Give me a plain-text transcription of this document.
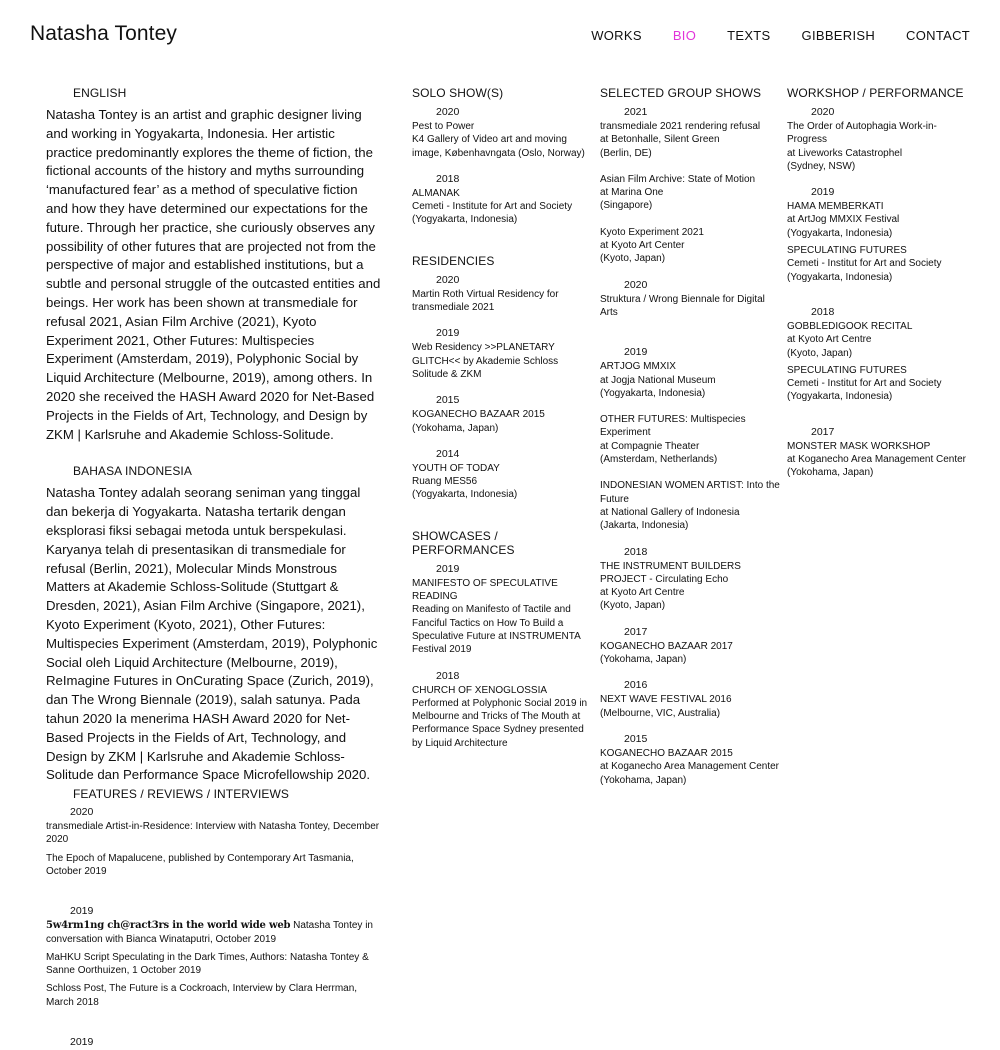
Natasha Tontey	WORKS BIO TEXTS GIBBERISH CONTACT
ENGLISH
Natasha Tontey is an artist and graphic designer living and working in Yogyakarta, Indonesia. Her artistic practice predominantly explores the theme of fiction, the fictional accounts of the history and myths surrounding ‘manufactured fear’ as a method of speculative fiction and how they have determined our expectations for the future. Through her practice, she curiously observes any possibility of other futures that are projected not from the perspective of major and established institutions, but a subtle and personal struggle of the outcasted entities and beings. Her work has been shown at transmediale for refusal 2021, Asian Film Archive (2021), Kyoto Experiment 2021, Other Futures: Multispecies Experiment (Amsterdam, 2019), Polyphonic Social by Liquid Architecture (Melbourne, 2019), among others. In 2020 she received the HASH Award 2020 for Net-Based Projects in the Fields of Art, Technology, and Design by ZKM | Karlsruhe and Akademie Schloss-Solitude.
BAHASA INDONESIA
Natasha Tontey adalah seorang seniman yang tinggal dan bekerja di Yogyakarta. Natasha tertarik dengan eksplorasi fiksi sebagai metoda untuk berspekulasi. Karyanya telah di presentasikan di transmediale for refusal (Berlin, 2021), Molecular Minds Monstrous Matters at Akademie Schloss-Solitude (Stuttgart & Dresden, 2021), Asian Film Archive (Singapore, 2021), Kyoto Experiment (Kyoto, 2021), Other Futures: Multispecies Experiment (Amsterdam, 2019), Polyphonic Social oleh Liquid Architecture (Melbourne, 2019), ReImagine Futures in OnCurating Space (Zurich, 2019), dan The Wrong Biennale (2019), salah satunya. Pada tahun 2020 Ia menerima HASH Award 2020 for Net-Based Projects in the Fields of Art, Technology, and Design by ZKM | Karlsruhe and Akademie Schloss-Solitude dan Performance Space Microfellowship 2020.
FEATURES / REVIEWS / INTERVIEWS
2020
transmediale Artist-in-Residence: Interview with Natasha Tontey, December 2020
The Epoch of Mapalucene, published by Contemporary Art Tasmania, October 2019
2019
5w4rm1ng ch@ract3rs in the world wide web Natasha Tontey in conversation with Bianca Winataputri, October 2019
MaHKU Script Speculating in the Dark Times, Authors: Natasha Tontey & Sanne Oorthuizen, 1 October 2019
Schloss Post, The Future is a Cockroach, Interview by Clara Herrman, March 2018
2019
SOLO SHOW(S)
2020
Pest to Power
K4 Gallery of Video art and moving image, Københavngata (Oslo, Norway)
2018
ALMANAK
Cemeti - Institute for Art and Society (Yogyakarta, Indonesia)
RESIDENCIES
2020
Martin Roth Virtual Residency for transmediale 2021
2019
Web Residency >>PLANETARY GLITCH<< by Akademie Schloss Solitude & ZKM
2015
KOGANECHO BAZAAR 2015
(Yokohama, Japan)
2014
YOUTH OF TODAY
Ruang MES56
(Yogyakarta, Indonesia)
SHOWCASES / PERFORMANCES
2019
MANIFESTO OF SPECULATIVE READING
Reading on Manifesto of Tactile and Fanciful Tactics on How To Build a Speculative Future at INSTRUMENTA Festival 2019
2018
CHURCH OF XENOGLOSSIA
Performed at Polyphonic Social 2019 in Melbourne and Tricks of The Mouth at Performance Space Sydney presented by Liquid Architecture
SELECTED GROUP SHOWS
2021
transmediale 2021 rendering refusal
at Betonhalle, Silent Green
(Berlin, DE)
Asian Film Archive: State of Motion
at Marina One
(Singapore)
Kyoto Experiment 2021
at Kyoto Art Center
(Kyoto, Japan)
2020
Struktura / Wrong Biennale for Digital Arts
2019
ARTJOG MMXIX
at Jogja National Museum
(Yogyakarta, Indonesia)
OTHER FUTURES: Multispecies Experiment
at Compagnie Theater
(Amsterdam, Netherlands)
INDONESIAN WOMEN ARTIST: Into the Future
at National Gallery of Indonesia
(Jakarta, Indonesia)
2018
THE INSTRUMENT BUILDERS PROJECT - Circulating Echo
at Kyoto Art Centre
(Kyoto, Japan)
2017
KOGANECHO BAZAAR 2017
(Yokohama, Japan)
2016
NEXT WAVE FESTIVAL 2016
(Melbourne, VIC, Australia)
2015
KOGANECHO BAZAAR 2015
at Koganecho Area Management Center
(Yokohama, Japan)
WORKSHOP / PERFORMANCE
2020
The Order of Autophagia Work-in-Progress
at Liveworks Catastrophel
(Sydney, NSW)
2019
HAMA MEMBERKATI
at ArtJog MMXIX Festival
(Yogyakarta, Indonesia)
SPECULATING FUTURES
Cemeti - Institut for Art and Society
(Yogyakarta, Indonesia)
2018
GOBBLEDIGOOK RECITAL
at Kyoto Art Centre
(Kyoto, Japan)
SPECULATING FUTURES
Cemeti - Institut for Art and Society
(Yogyakarta, Indonesia)
2017
MONSTER MASK WORKSHOP
at Koganecho Area Management Center
(Yokohama, Japan)
